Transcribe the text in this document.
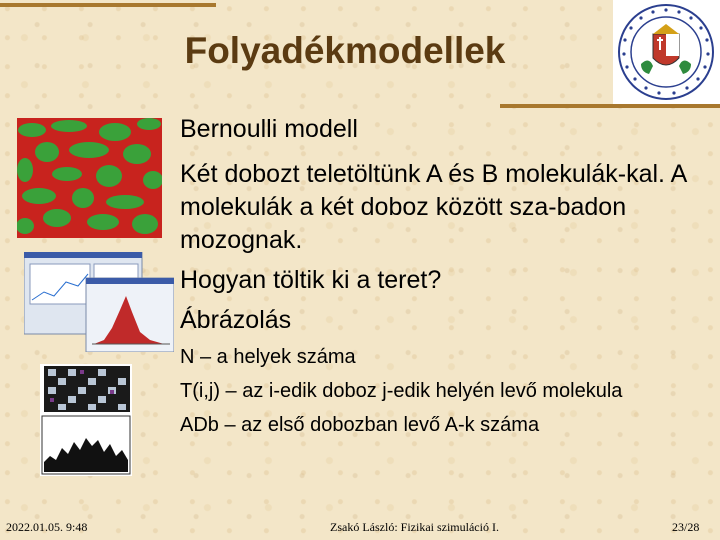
Folyadékmodellek
Bernoulli modell
Két dobozt teletöltünk A és B molekulák-kal. A molekulák a két doboz között sza-badon mozognak.
Hogyan töltik ki a teret?
Ábrázolás
N – a helyek száma
T(i,j) – az i-edik doboz j-edik helyén levő molekula
ADb – az első dobozban levő A-k száma
2022.01.05. 9:48	Zsakó László: Fizikai szimuláció I.	23/28
